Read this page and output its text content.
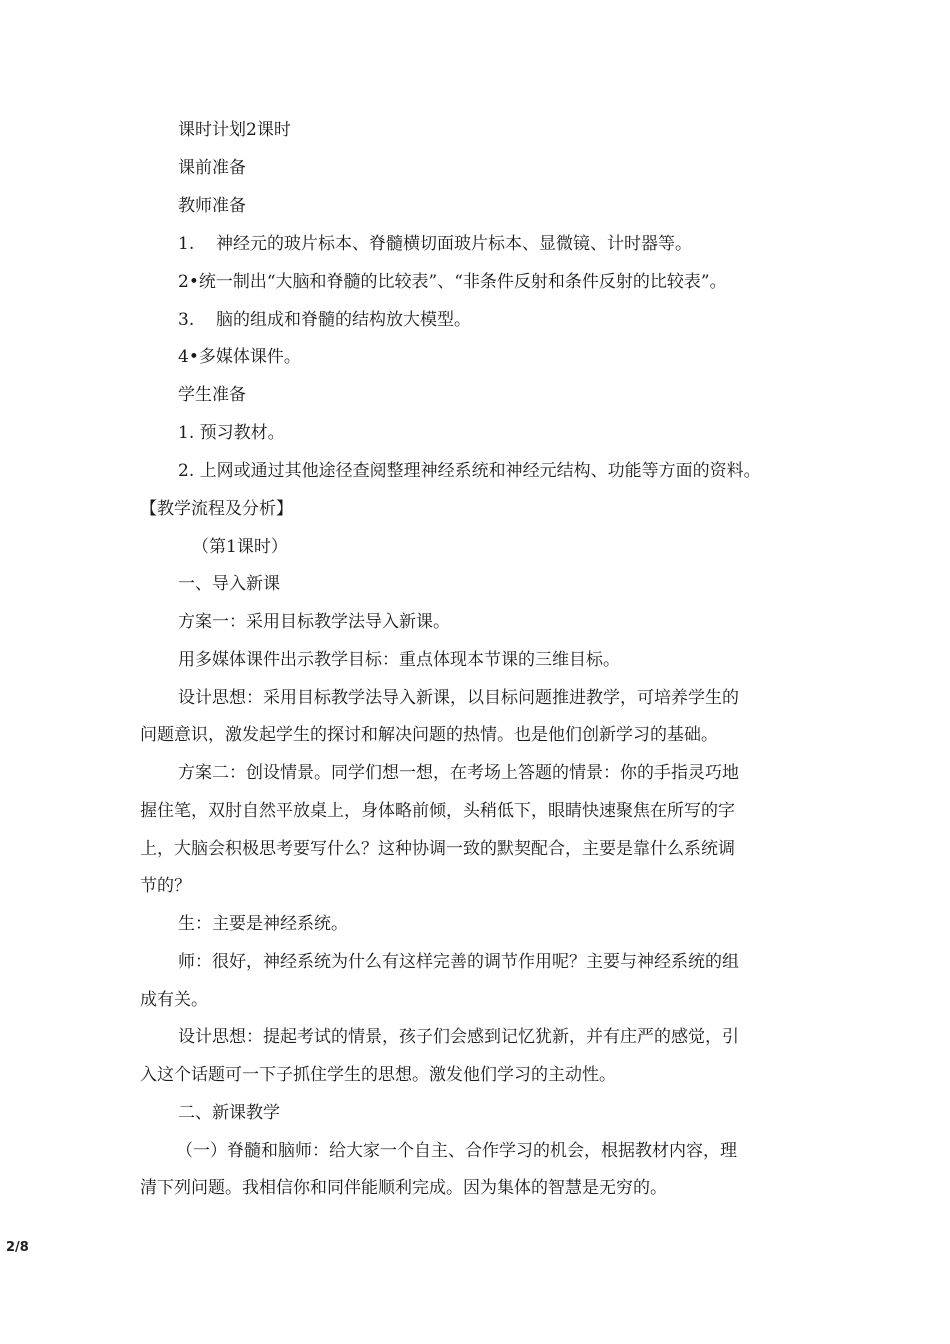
课时计划2课时
课前准备
教师准备
1. 神经元的玻片标本、脊髓横切面玻片标本、显微镜、计时器等。
2•统一制出“大脑和脊髓的比较表”、“非条件反射和条件反射的比较表”。
3. 脑的组成和脊髓的结构放大模型。
4•多媒体课件。
学生准备
1. 预习教材。
2. 上网或通过其他途径查阅整理神经系统和神经元结构、功能等方面的资料。
【教学流程及分析】
（第1课时）
一、导入新课
方案一：采用目标教学法导入新课。
用多媒体课件出示教学目标：重点体现本节课的三维目标。
设计思想：采用目标教学法导入新课，以目标问题推进教学，可培养学生的
问题意识，激发起学生的探讨和解决问题的热情。也是他们创新学习的基础。
方案二：创设情景。同学们想一想，在考场上答题的情景：你的手指灵巧地
握住笔，双肘自然平放桌上，身体略前倾，头稍低下，眼睛快速聚焦在所写的字
上，大脑会积极思考要写什么？这种协调一致的默契配合，主要是靠什么系统调
节的？
生：主要是神经系统。
师：很好，神经系统为什么有这样完善的调节作用呢？主要与神经系统的组
成有关。
设计思想：提起考试的情景，孩子们会感到记忆犹新，并有庄严的感觉，引
入这个话题可一下子抓住学生的思想。激发他们学习的主动性。
二、新课教学
（一）脊髓和脑师：给大家一个自主、合作学习的机会，根据教材内容，理
清下列问题。我相信你和同伴能顺利完成。因为集体的智慧是无穷的。
2/8
